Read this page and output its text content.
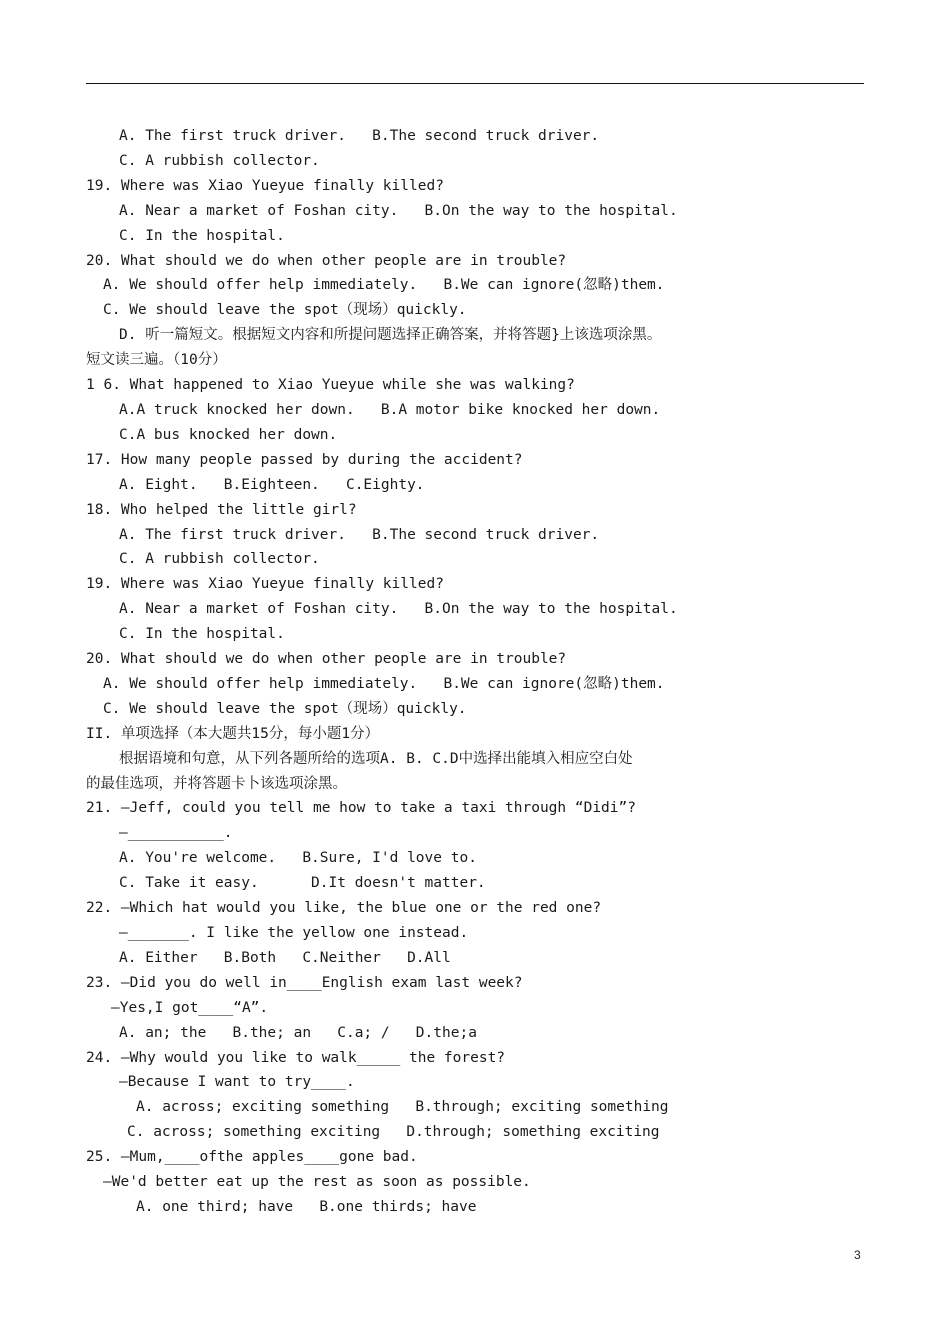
A. The first truck driver.   B.The second truck driver.
C. A rubbish collector.
19. Where was Xiao Yueyue finally killed?
A. Near a market of Foshan city.   B.On the way to the hospital.
C. In the hospital.
20. What should we do when other people are in trouble?
A. We should offer help immediately.   B.We can ignore(忽略)them.
C. We should leave the spot（现场）quickly.
D. 听一篇短文。根据短文内容和所提问题选择正确答案，并将答题}上该选项涂黑。
短文读三遍。（10分）
1 6. What happened to Xiao Yueyue while she was walking?
A.A truck knocked her down.   B.A motor bike knocked her down.
C.A bus knocked her down.
17. How many people passed by during the accident?
A. Eight.   B.Eighteen.   C.Eighty.
18. Who helped the little girl?
A. The first truck driver.   B.The second truck driver.
C. A rubbish collector.
19. Where was Xiao Yueyue finally killed?
A. Near a market of Foshan city.   B.On the way to the hospital.
C. In the hospital.
20. What should we do when other people are in trouble?
A. We should offer help immediately.   B.We can ignore(忽略)them.
C. We should leave the spot（现场）quickly.
II. 单项选择（本大题共15分，每小题1分）
根据语境和句意，从下列各题所给的选项A. B. C.D中选择出能填入相应空白处
的最佳选项，并将答题卡卜该选项涂黑。
21. —Jeff, could you tell me how to take a taxi through “Didi”?
—___________.
A. You're welcome.   B.Sure, I'd love to.
C. Take it easy.      D.It doesn't matter.
22. —Which hat would you like, the blue one or the red one?
—_______. I like the yellow one instead.
A. Either   B.Both   C.Neither   D.All
23. —Did you do well in____English exam last week?
—Yes,I got____“A”.
A. an; the   B.the; an   C.a; /   D.the;a
24. —Why would you like to walk_____ the forest?
—Because I want to try____.
A. across; exciting something   B.through; exciting something
C. across; something exciting   D.through; something exciting
25. —Mum,____ofthe apples____gone bad.
—We'd better eat up the rest as soon as possible.
A. one third; have   B.one thirds; have
3
